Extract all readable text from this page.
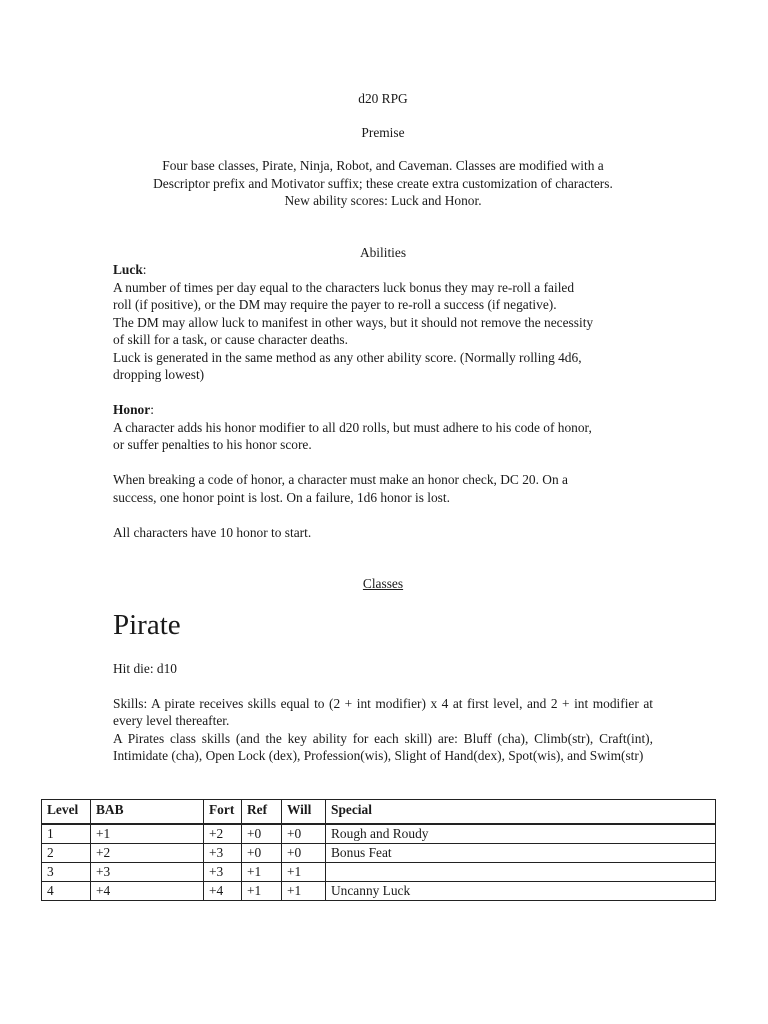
d20 RPG

Premise

Four base classes, Pirate, Ninja, Robot, and Caveman. Classes are modified with a

Descriptor prefix and Motivator suffix; these create extra customization of characters.

New ability scores: Luck and Honor.

Abilities

Luck:

A number of times per day equal to the characters luck bonus they may re-roll a failed

roll (if positive), or the DM may require the payer to re-roll a success (if negative).

The DM may allow luck to manifest in other ways, but it should not remove the necessity

of skill for a task, or cause character deaths.

Luck is generated in the same method as any other ability score. (Normally rolling 4d6,

dropping lowest)

Honor:

A character adds his honor modifier to all d20 rolls, but must adhere to his code of honor,

or suffer penalties to his honor score.

When breaking a code of honor, a character must make an honor check, DC 20. On a

success, one honor point is lost. On a failure, 1d6 honor is lost.

All characters have 10 honor to start.

Classes

Pirate

Hit die: d10

Skills: A pirate receives skills equal to (2 + int modifier) x 4 at first level, and 2 + int modifier at every level thereafter.

A Pirates class skills (and the key ability for each skill) are: Bluff (cha), Climb(str), Craft(int), Intimidate (cha), Open Lock (dex), Profession(wis), Slight of Hand(dex), Spot(wis), and Swim(str)

Level	BAB	Fort	Ref	Will	Special
1	+1	+2	+0	+0	Rough and Roudy
2	+2	+3	+0	+0	Bonus Feat
3	+3	+3	+1	+1	
4	+4	+4	+1	+1	Uncanny Luck
